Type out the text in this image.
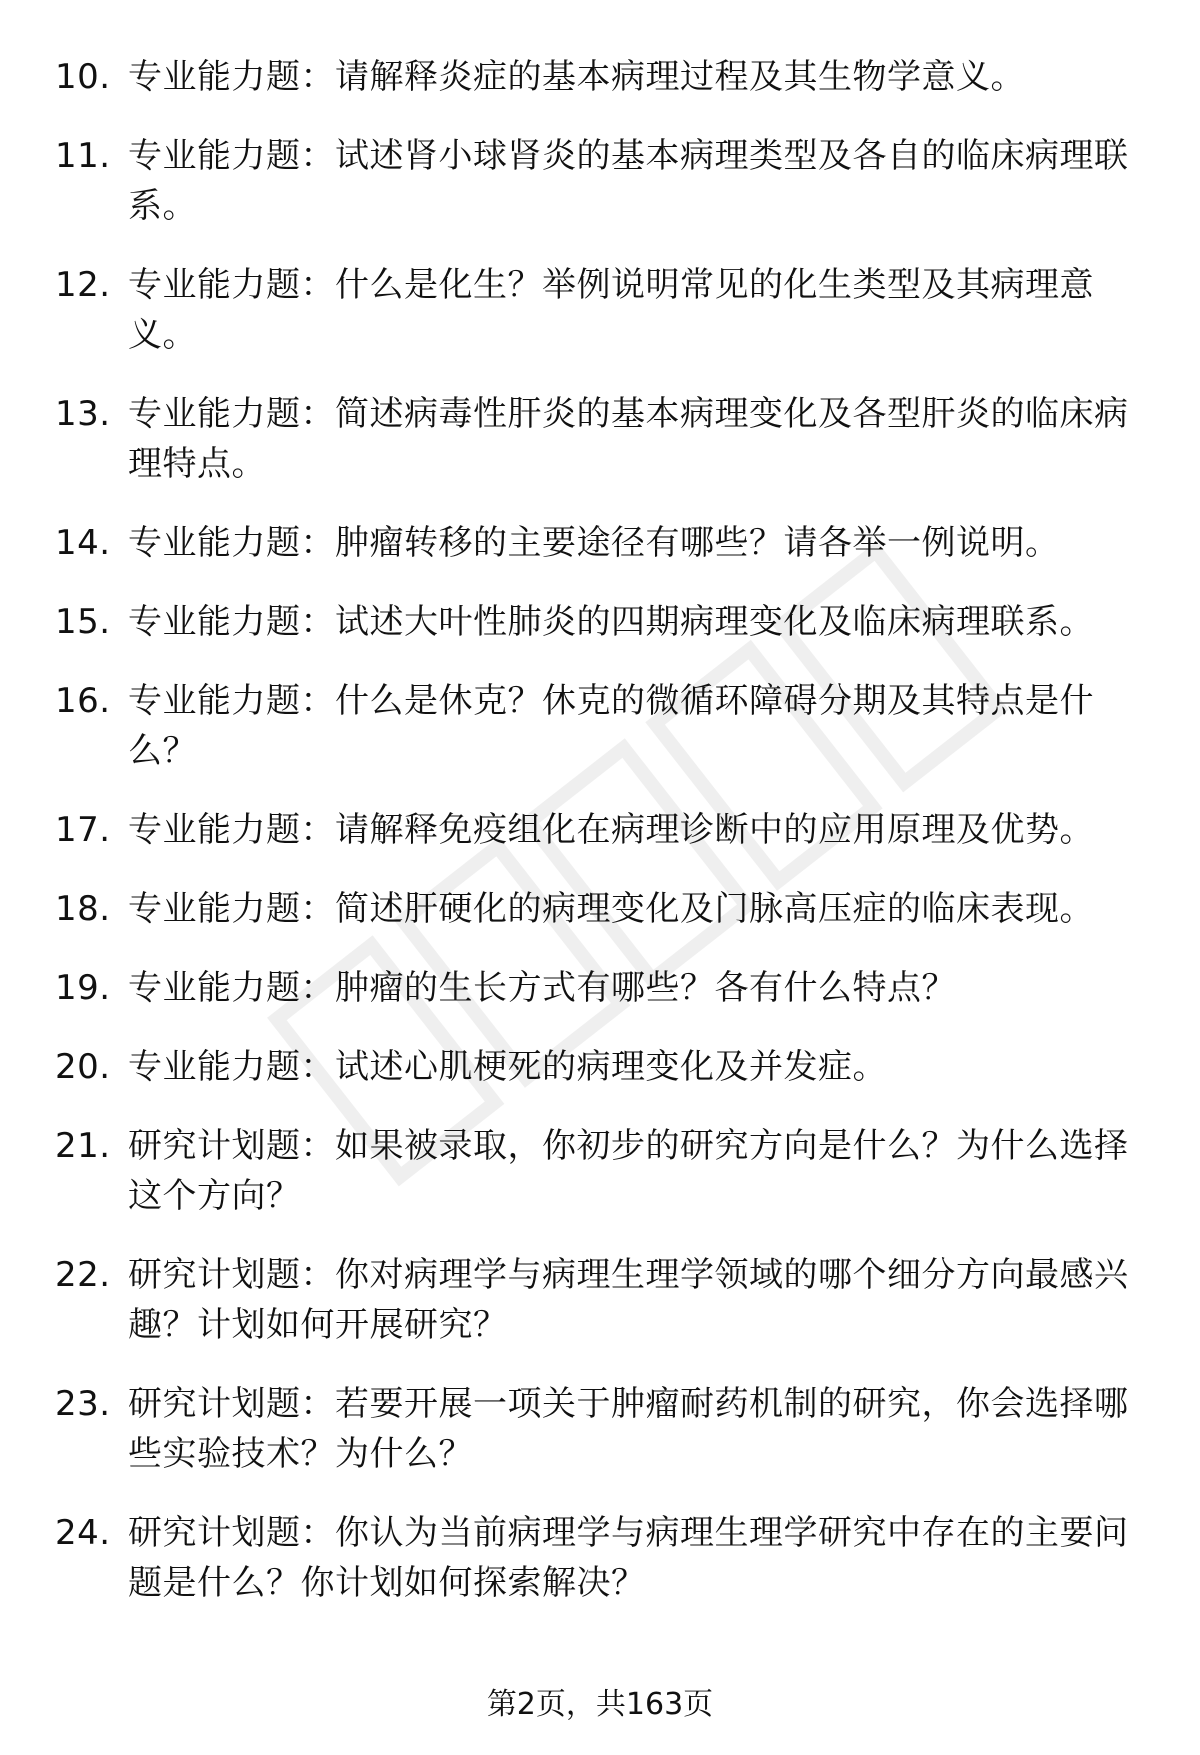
10. 专业能力题：请解释炎症的基本病理过程及其生物学意义。
11. 专业能力题：试述肾小球肾炎的基本病理类型及各自的临床病理联系。
12. 专业能力题：什么是化生？举例说明常见的化生类型及其病理意义。
13. 专业能力题：简述病毒性肝炎的基本病理变化及各型肝炎的临床病理特点。
14. 专业能力题：肿瘤转移的主要途径有哪些？请各举一例说明。
15. 专业能力题：试述大叶性肺炎的四期病理变化及临床病理联系。
16. 专业能力题：什么是休克？休克的微循环障碍分期及其特点是什么？
17. 专业能力题：请解释免疫组化在病理诊断中的应用原理及优势。
18. 专业能力题：简述肝硬化的病理变化及门脉高压症的临床表现。
19. 专业能力题：肿瘤的生长方式有哪些？各有什么特点？
20. 专业能力题：试述心肌梗死的病理变化及并发症。
21. 研究计划题：如果被录取，你初步的研究方向是什么？为什么选择这个方向？
22. 研究计划题：你对病理学与病理生理学领域的哪个细分方向最感兴趣？计划如何开展研究？
23. 研究计划题：若要开展一项关于肿瘤耐药机制的研究，你会选择哪些实验技术？为什么？
24. 研究计划题：你认为当前病理学与病理生理学研究中存在的主要问题是什么？你计划如何探索解决？
第2页，共163页
